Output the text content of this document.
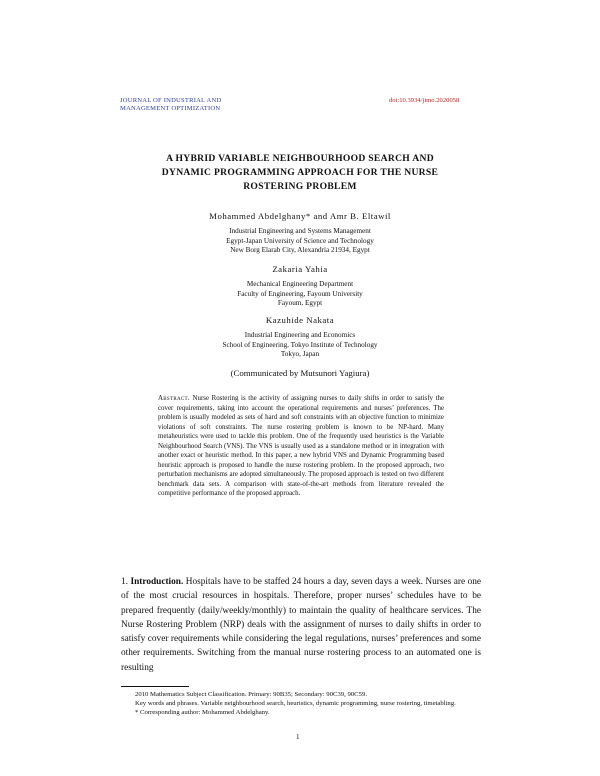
JOURNAL OF INDUSTRIAL AND
MANAGEMENT OPTIMIZATION
doi:10.3934/jimo.2020058
A HYBRID VARIABLE NEIGHBOURHOOD SEARCH AND
DYNAMIC PROGRAMMING APPROACH FOR THE NURSE
ROSTERING PROBLEM
Mohammed Abdelghany* and Amr B. Eltawil
Industrial Engineering and Systems Management
Egypt-Japan University of Science and Technology
New Borg Elarab City, Alexandria 21934, Egypt
Zakaria Yahia
Mechanical Engineering Department
Faculty of Engineering, Fayoum University
Fayoum, Egypt
Kazuhide Nakata
Industrial Engineering and Economics
School of Engineering, Tokyo Institute of Technology
Tokyo, Japan
(Communicated by Mutsunori Yagiura)
Abstract. Nurse Rostering is the activity of assigning nurses to daily shifts in order to satisfy the cover requirements, taking into account the operational requirements and nurses’ preferences. The problem is usually modeled as sets of hard and soft constraints with an objective function to minimize violations of soft constraints. The nurse rostering problem is known to be NP-hard. Many metaheuristics were used to tackle this problem. One of the frequently used heuristics is the Variable Neighbourhood Search (VNS). The VNS is usually used as a standalone method or in integration with another exact or heuristic method. In this paper, a new hybrid VNS and Dynamic Programming based heuristic approach is proposed to handle the nurse rostering problem. In the proposed approach, two perturbation mechanisms are adopted simultaneously. The proposed approach is tested on two different benchmark data sets. A comparison with state-of-the-art methods from literature revealed the competitive performance of the proposed approach.
1. Introduction. Hospitals have to be staffed 24 hours a day, seven days a week. Nurses are one of the most crucial resources in hospitals. Therefore, proper nurses’ schedules have to be prepared frequently (daily/weekly/monthly) to maintain the quality of healthcare services. The Nurse Rostering Problem (NRP) deals with the assignment of nurses to daily shifts in order to satisfy cover requirements while considering the legal regulations, nurses’ preferences and some other requirements. Switching from the manual nurse rostering process to an automated one is resulting

2010 Mathematics Subject Classification. Primary: 90B35; Secondary: 90C39, 90C59.

Key words and phrases. Variable neighbourhood search, heuristics, dynamic programming, nurse rostering, timetabling.

* Corresponding author: Mohammed Abdelghany.

1
